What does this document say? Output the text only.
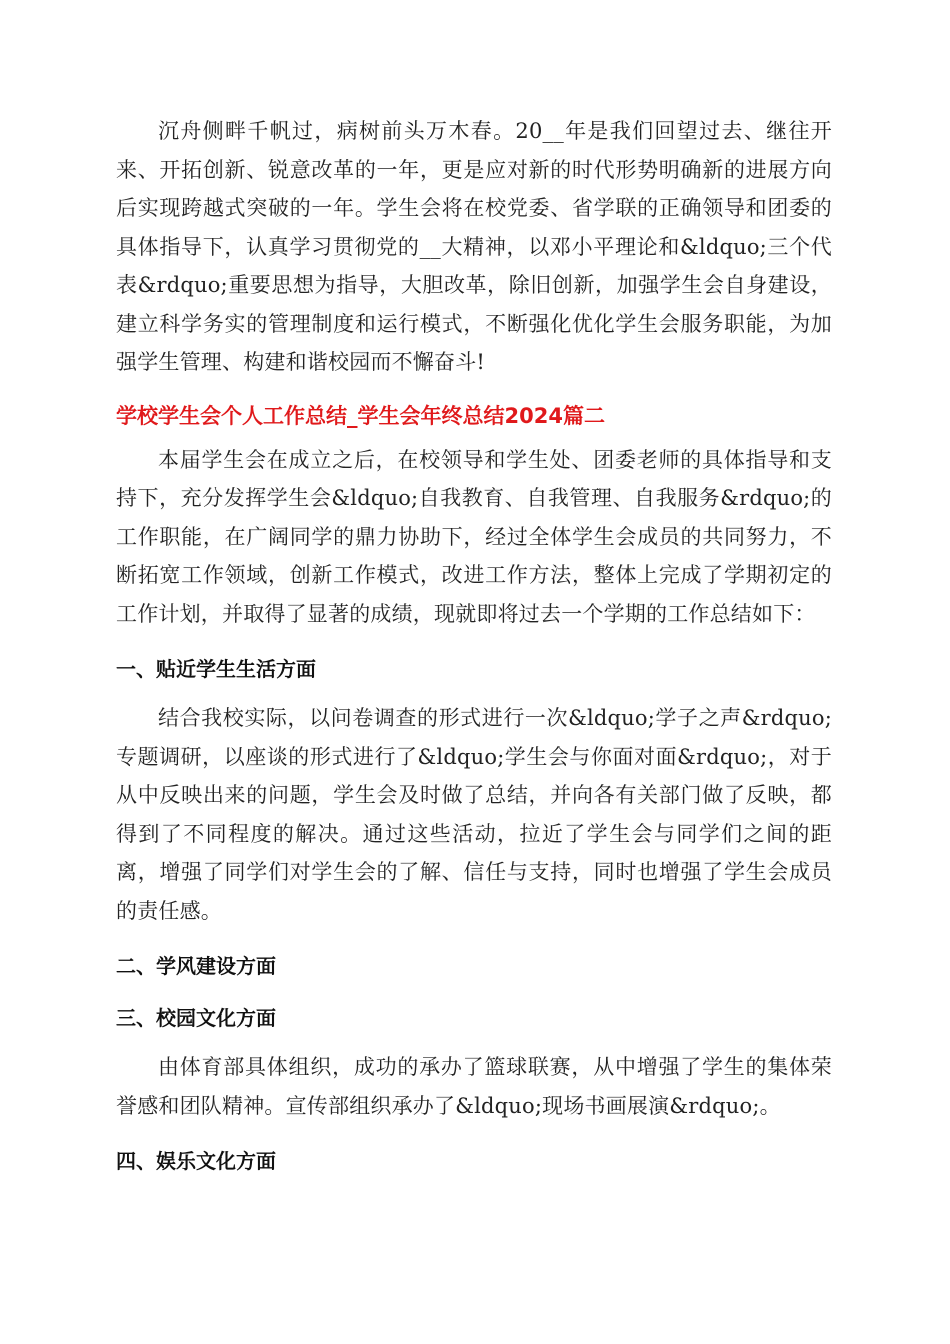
沉舟侧畔千帆过，病树前头万木春。20__年是我们回望过去、继往开来、开拓创新、锐意改革的一年，更是应对新的时代形势明确新的进展方向后实现跨越式突破的一年。学生会将在校党委、省学联的正确领导和团委的具体指导下，认真学习贯彻党的__大精神，以邓小平理论和&ldquo;三个代表&rdquo;重要思想为指导，大胆改革，除旧创新，加强学生会自身建设，建立科学务实的管理制度和运行模式，不断强化优化学生会服务职能，为加强学生管理、构建和谐校园而不懈奋斗!

学校学生会个人工作总结_学生会年终总结2024篇二

本届学生会在成立之后，在校领导和学生处、团委老师的具体指导和支持下，充分发挥学生会&ldquo;自我教育、自我管理、自我服务&rdquo;的工作职能，在广阔同学的鼎力协助下，经过全体学生会成员的共同努力，不断拓宽工作领域，创新工作模式，改进工作方法，整体上完成了学期初定的工作计划，并取得了显著的成绩，现就即将过去一个学期的工作总结如下：

一、贴近学生生活方面

结合我校实际，以问卷调查的形式进行一次&ldquo;学子之声&rdquo;专题调研，以座谈的形式进行了&ldquo;学生会与你面对面&rdquo;，对于从中反映出来的问题，学生会及时做了总结，并向各有关部门做了反映，都得到了不同程度的解决。通过这些活动，拉近了学生会与同学们之间的距离，增强了同学们对学生会的了解、信任与支持，同时也增强了学生会成员的责任感。

二、学风建设方面
三、校园文化方面

由体育部具体组织，成功的承办了篮球联赛，从中增强了学生的集体荣誉感和团队精神。宣传部组织承办了&ldquo;现场书画展演&rdquo;。

四、娱乐文化方面
